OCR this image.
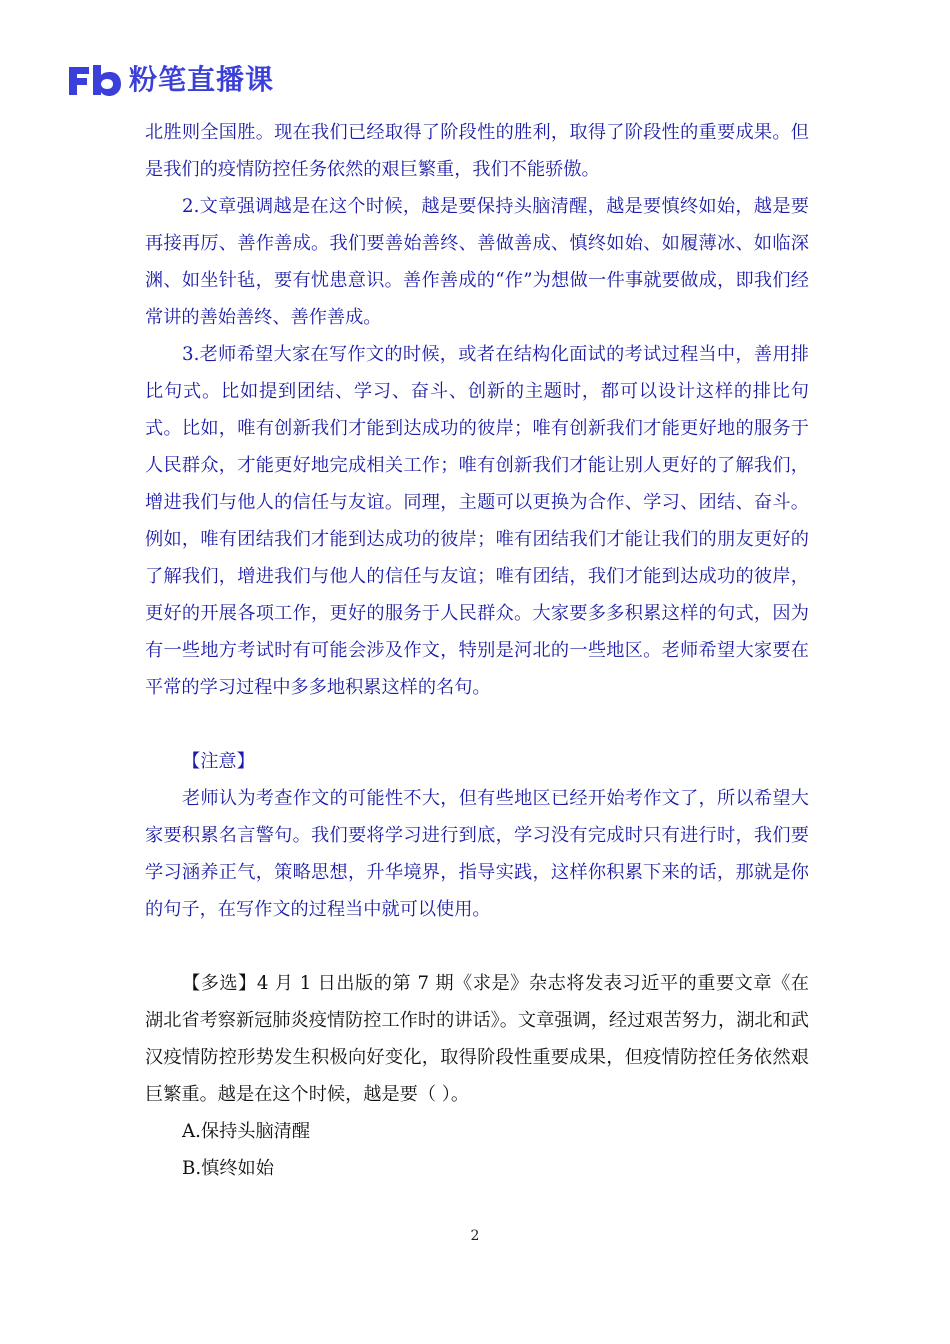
粉笔直播课

北胜则全国胜。现在我们已经取得了阶段性的胜利，取得了阶段性的重要成果。但是我们的疫情防控任务依然的艰巨繁重，我们不能骄傲。

2.文章强调越是在这个时候，越是要保持头脑清醒，越是要慎终如始，越是要再接再厉、善作善成。我们要善始善终、善做善成、慎终如始、如履薄冰、如临深渊、如坐针毡，要有忧患意识。善作善成的“作”为想做一件事就要做成，即我们经常讲的善始善终、善作善成。

3.老师希望大家在写作文的时候，或者在结构化面试的考试过程当中，善用排比句式。比如提到团结、学习、奋斗、创新的主题时，都可以设计这样的排比句式。比如，唯有创新我们才能到达成功的彼岸；唯有创新我们才能更好地的服务于人民群众，才能更好地完成相关工作；唯有创新我们才能让别人更好的了解我们，增进我们与他人的信任与友谊。同理，主题可以更换为合作、学习、团结、奋斗。例如，唯有团结我们才能到达成功的彼岸；唯有团结我们才能让我们的朋友更好的了解我们，增进我们与他人的信任与友谊；唯有团结，我们才能到达成功的彼岸，更好的开展各项工作，更好的服务于人民群众。大家要多多积累这样的句式，因为有一些地方考试时有可能会涉及作文，特别是河北的一些地区。老师希望大家要在平常的学习过程中多多地积累这样的名句。

【注意】

老师认为考查作文的可能性不大，但有些地区已经开始考作文了，所以希望大家要积累名言警句。我们要将学习进行到底，学习没有完成时只有进行时，我们要学习涵养正气，策略思想，升华境界，指导实践，这样你积累下来的话，那就是你的句子，在写作文的过程当中就可以使用。

【多选】4 月 1 日出版的第 7 期《求是》杂志将发表习近平的重要文章《在湖北省考察新冠肺炎疫情防控工作时的讲话》。文章强调，经过艰苦努力，湖北和武汉疫情防控形势发生积极向好变化，取得阶段性重要成果，但疫情防控任务依然艰巨繁重。越是在这个时候，越是要（ ）。

A.保持头脑清醒

B.慎终如始

2
